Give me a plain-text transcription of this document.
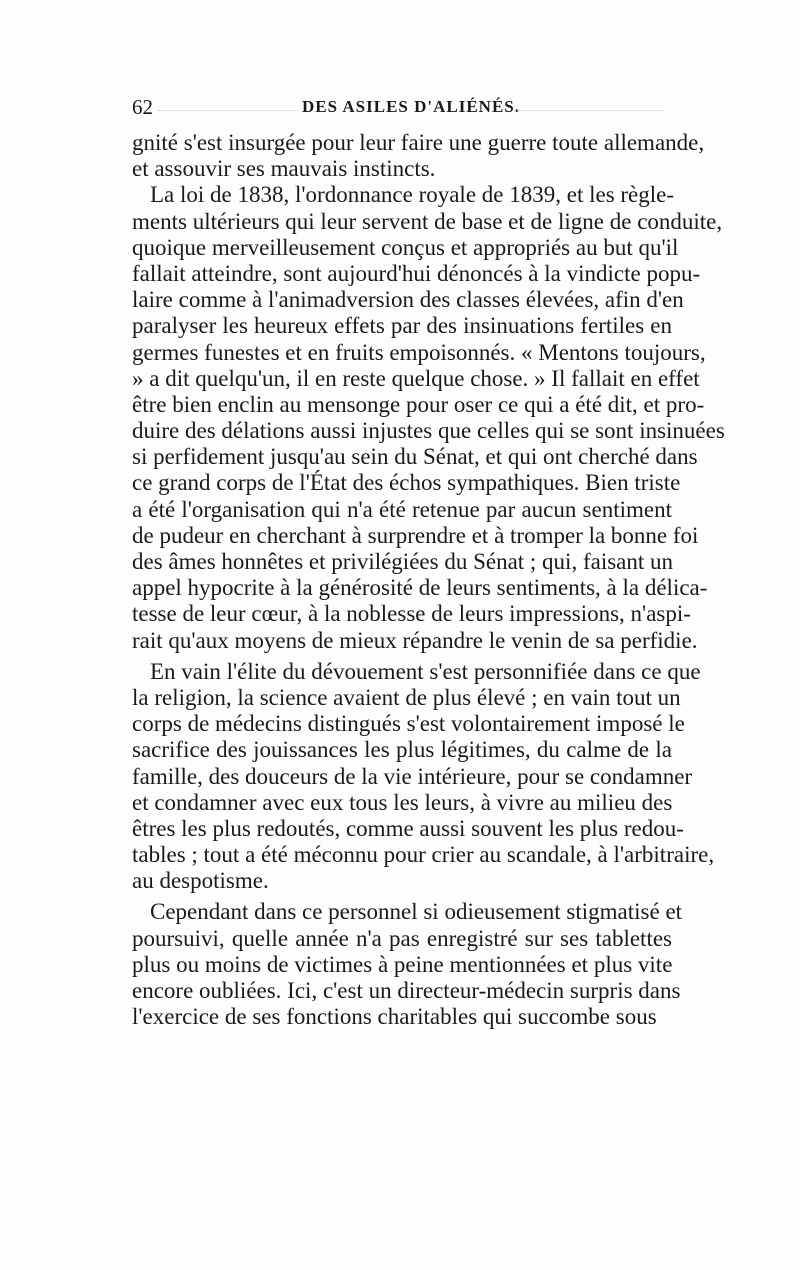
62	DES ASILES D'ALIÉNÉS.
gnité s'est insurgée pour leur faire une guerre toute allemande,
et assouvir ses mauvais instincts.
La loi de 1838, l'ordonnance royale de 1839, et les règle-
ments ultérieurs qui leur servent de base et de ligne de conduite,
quoique merveilleusement conçus et appropriés au but qu'il
fallait atteindre, sont aujourd'hui dénoncés à la vindicte popu-
laire comme à l'animadversion des classes élevées, afin d'en
paralyser les heureux effets par des insinuations fertiles en
germes funestes et en fruits empoisonnés. « Mentons toujours,
» a dit quelqu'un, il en reste quelque chose. » Il fallait en effet
être bien enclin au mensonge pour oser ce qui a été dit, et pro-
duire des délations aussi injustes que celles qui se sont insinuées
si perfidement jusqu'au sein du Sénat, et qui ont cherché dans
ce grand corps de l'État des échos sympathiques. Bien triste
a été l'organisation qui n'a été retenue par aucun sentiment
de pudeur en cherchant à surprendre et à tromper la bonne foi
des âmes honnêtes et privilégiées du Sénat ; qui, faisant un
appel hypocrite à la générosité de leurs sentiments, à la délica-
tesse de leur cœur, à la noblesse de leurs impressions, n'aspi-
rait qu'aux moyens de mieux répandre le venin de sa perfidie.
En vain l'élite du dévouement s'est personnifiée dans ce que
la religion, la science avaient de plus élevé ; en vain tout un
corps de médecins distingués s'est volontairement imposé le
sacrifice des jouissances les plus légitimes, du calme de la
famille, des douceurs de la vie intérieure, pour se condamner
et condamner avec eux tous les leurs, à vivre au milieu des
êtres les plus redoutés, comme aussi souvent les plus redou-
tables ; tout a été méconnu pour crier au scandale, à l'arbitraire,
au despotisme.
Cependant dans ce personnel si odieusement stigmatisé et
poursuivi, quelle année n'a pas enregistré sur ses tablettes
plus ou moins de victimes à peine mentionnées et plus vite
encore oubliées. Ici, c'est un directeur-médecin surpris dans
l'exercice de ses fonctions charitables qui succombe sous
